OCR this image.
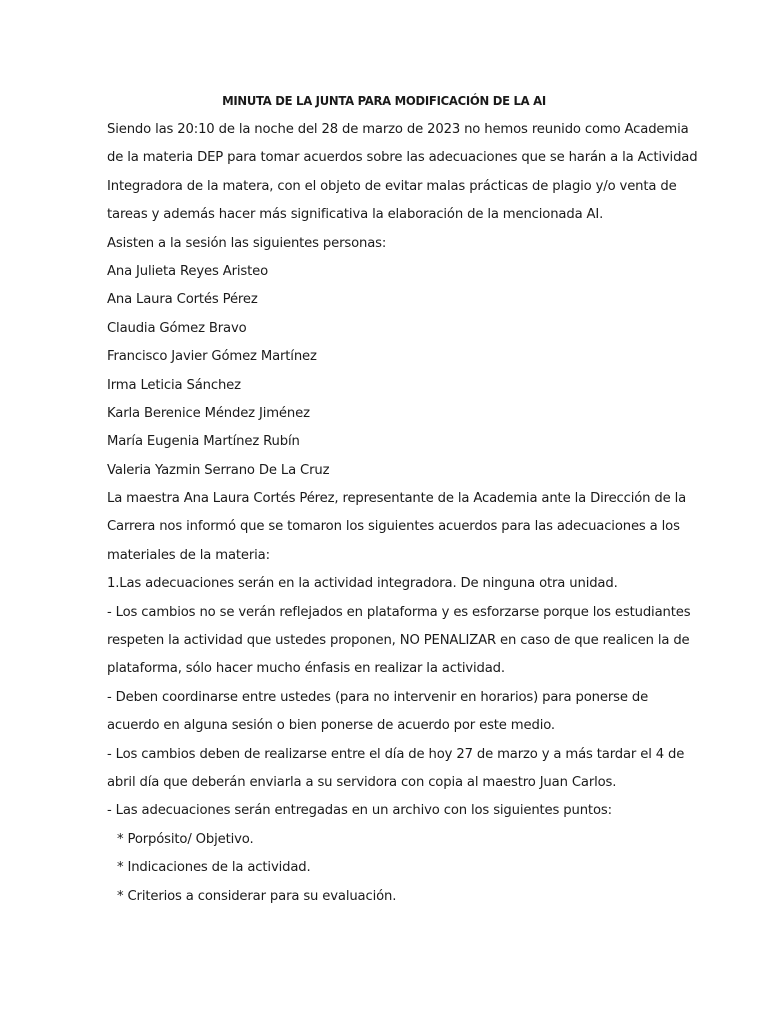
MINUTA DE LA JUNTA PARA MODIFICACIÓN DE LA AI
Siendo las 20:10 de la noche del 28 de marzo de 2023 no hemos reunido como Academia
de la materia DEP para tomar acuerdos sobre las adecuaciones que se harán a la Actividad
Integradora de la matera, con el objeto de evitar malas prácticas de plagio y/o venta de
tareas y además hacer más significativa la elaboración de la mencionada AI.
Asisten a la sesión las siguientes personas:
Ana Julieta Reyes Aristeo
Ana Laura Cortés Pérez
Claudia Gómez Bravo
Francisco Javier Gómez Martínez
Irma Leticia Sánchez
Karla Berenice Méndez Jiménez
María Eugenia Martínez Rubín
Valeria Yazmin Serrano De La Cruz
La maestra Ana Laura Cortés Pérez, representante de la Academia ante la Dirección de la
Carrera nos informó que se tomaron los siguientes acuerdos para las adecuaciones a los
materiales de la materia:
1.Las adecuaciones serán en la actividad integradora. De ninguna otra unidad.
- Los cambios no se verán reflejados en plataforma y es esforzarse porque los estudiantes
respeten la actividad que ustedes proponen, NO PENALIZAR en caso de que realicen la de
plataforma, sólo hacer mucho énfasis en realizar la actividad.
- Deben coordinarse entre ustedes (para no intervenir en horarios) para ponerse de
acuerdo en alguna sesión o bien ponerse de acuerdo por este medio.
- Los cambios deben de realizarse entre el día de hoy 27 de marzo y a más tardar el 4 de
abril día que deberán enviarla a su servidora con copia al maestro Juan Carlos.
- Las adecuaciones serán entregadas en un archivo con los siguientes puntos:
* Porpósito/ Objetivo.
* Indicaciones de la actividad.
* Criterios a considerar para su evaluación.
